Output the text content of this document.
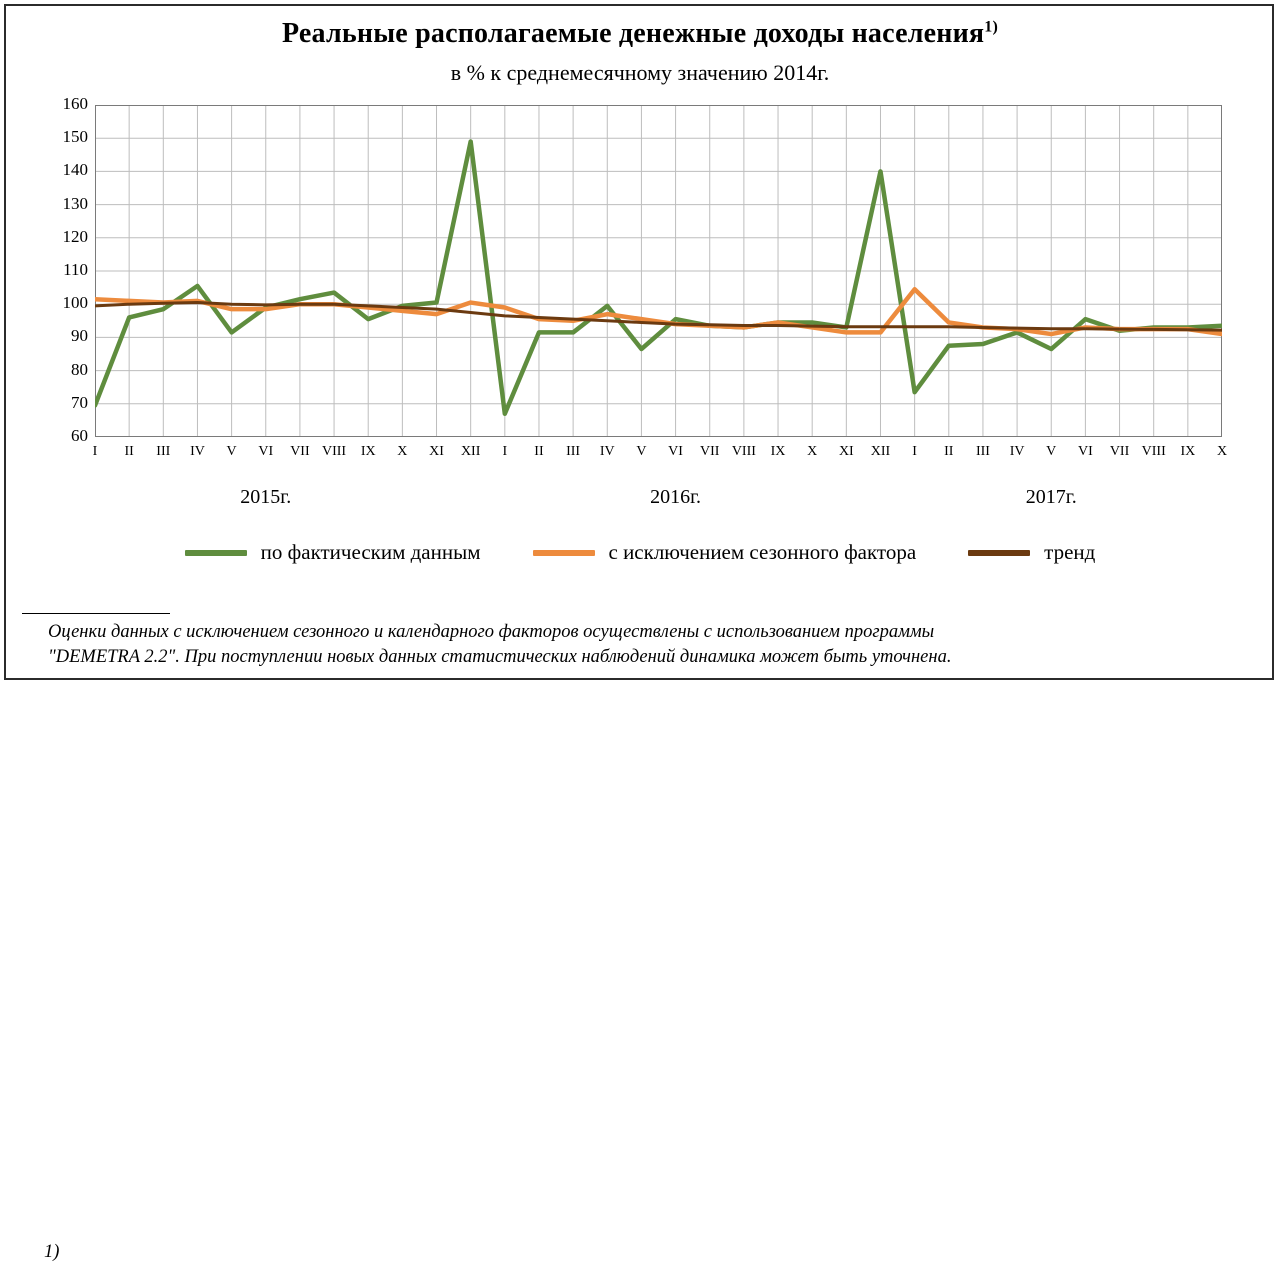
Реальные располагаемые денежные доходы населения$^{1)}$
в % к среднемесячному значению 2014г.
60
70
80
90
100
110
120
130
140
150
160
I II III IV V VI VII VIII IX X XI XII I II III IV V VI VII VIII IX X XI XII I II III IV V VI VII VIII IX X
2015г.	2016г.	2017г.
по фактическим данным	с исключением сезонного фактора	тренд
1)
Оценки данных с исключением сезонного и календарного факторов осуществлены с использованием программы
"DEMETRA 2.2". При поступлении новых данных статистических наблюдений динамика может быть уточнена.
